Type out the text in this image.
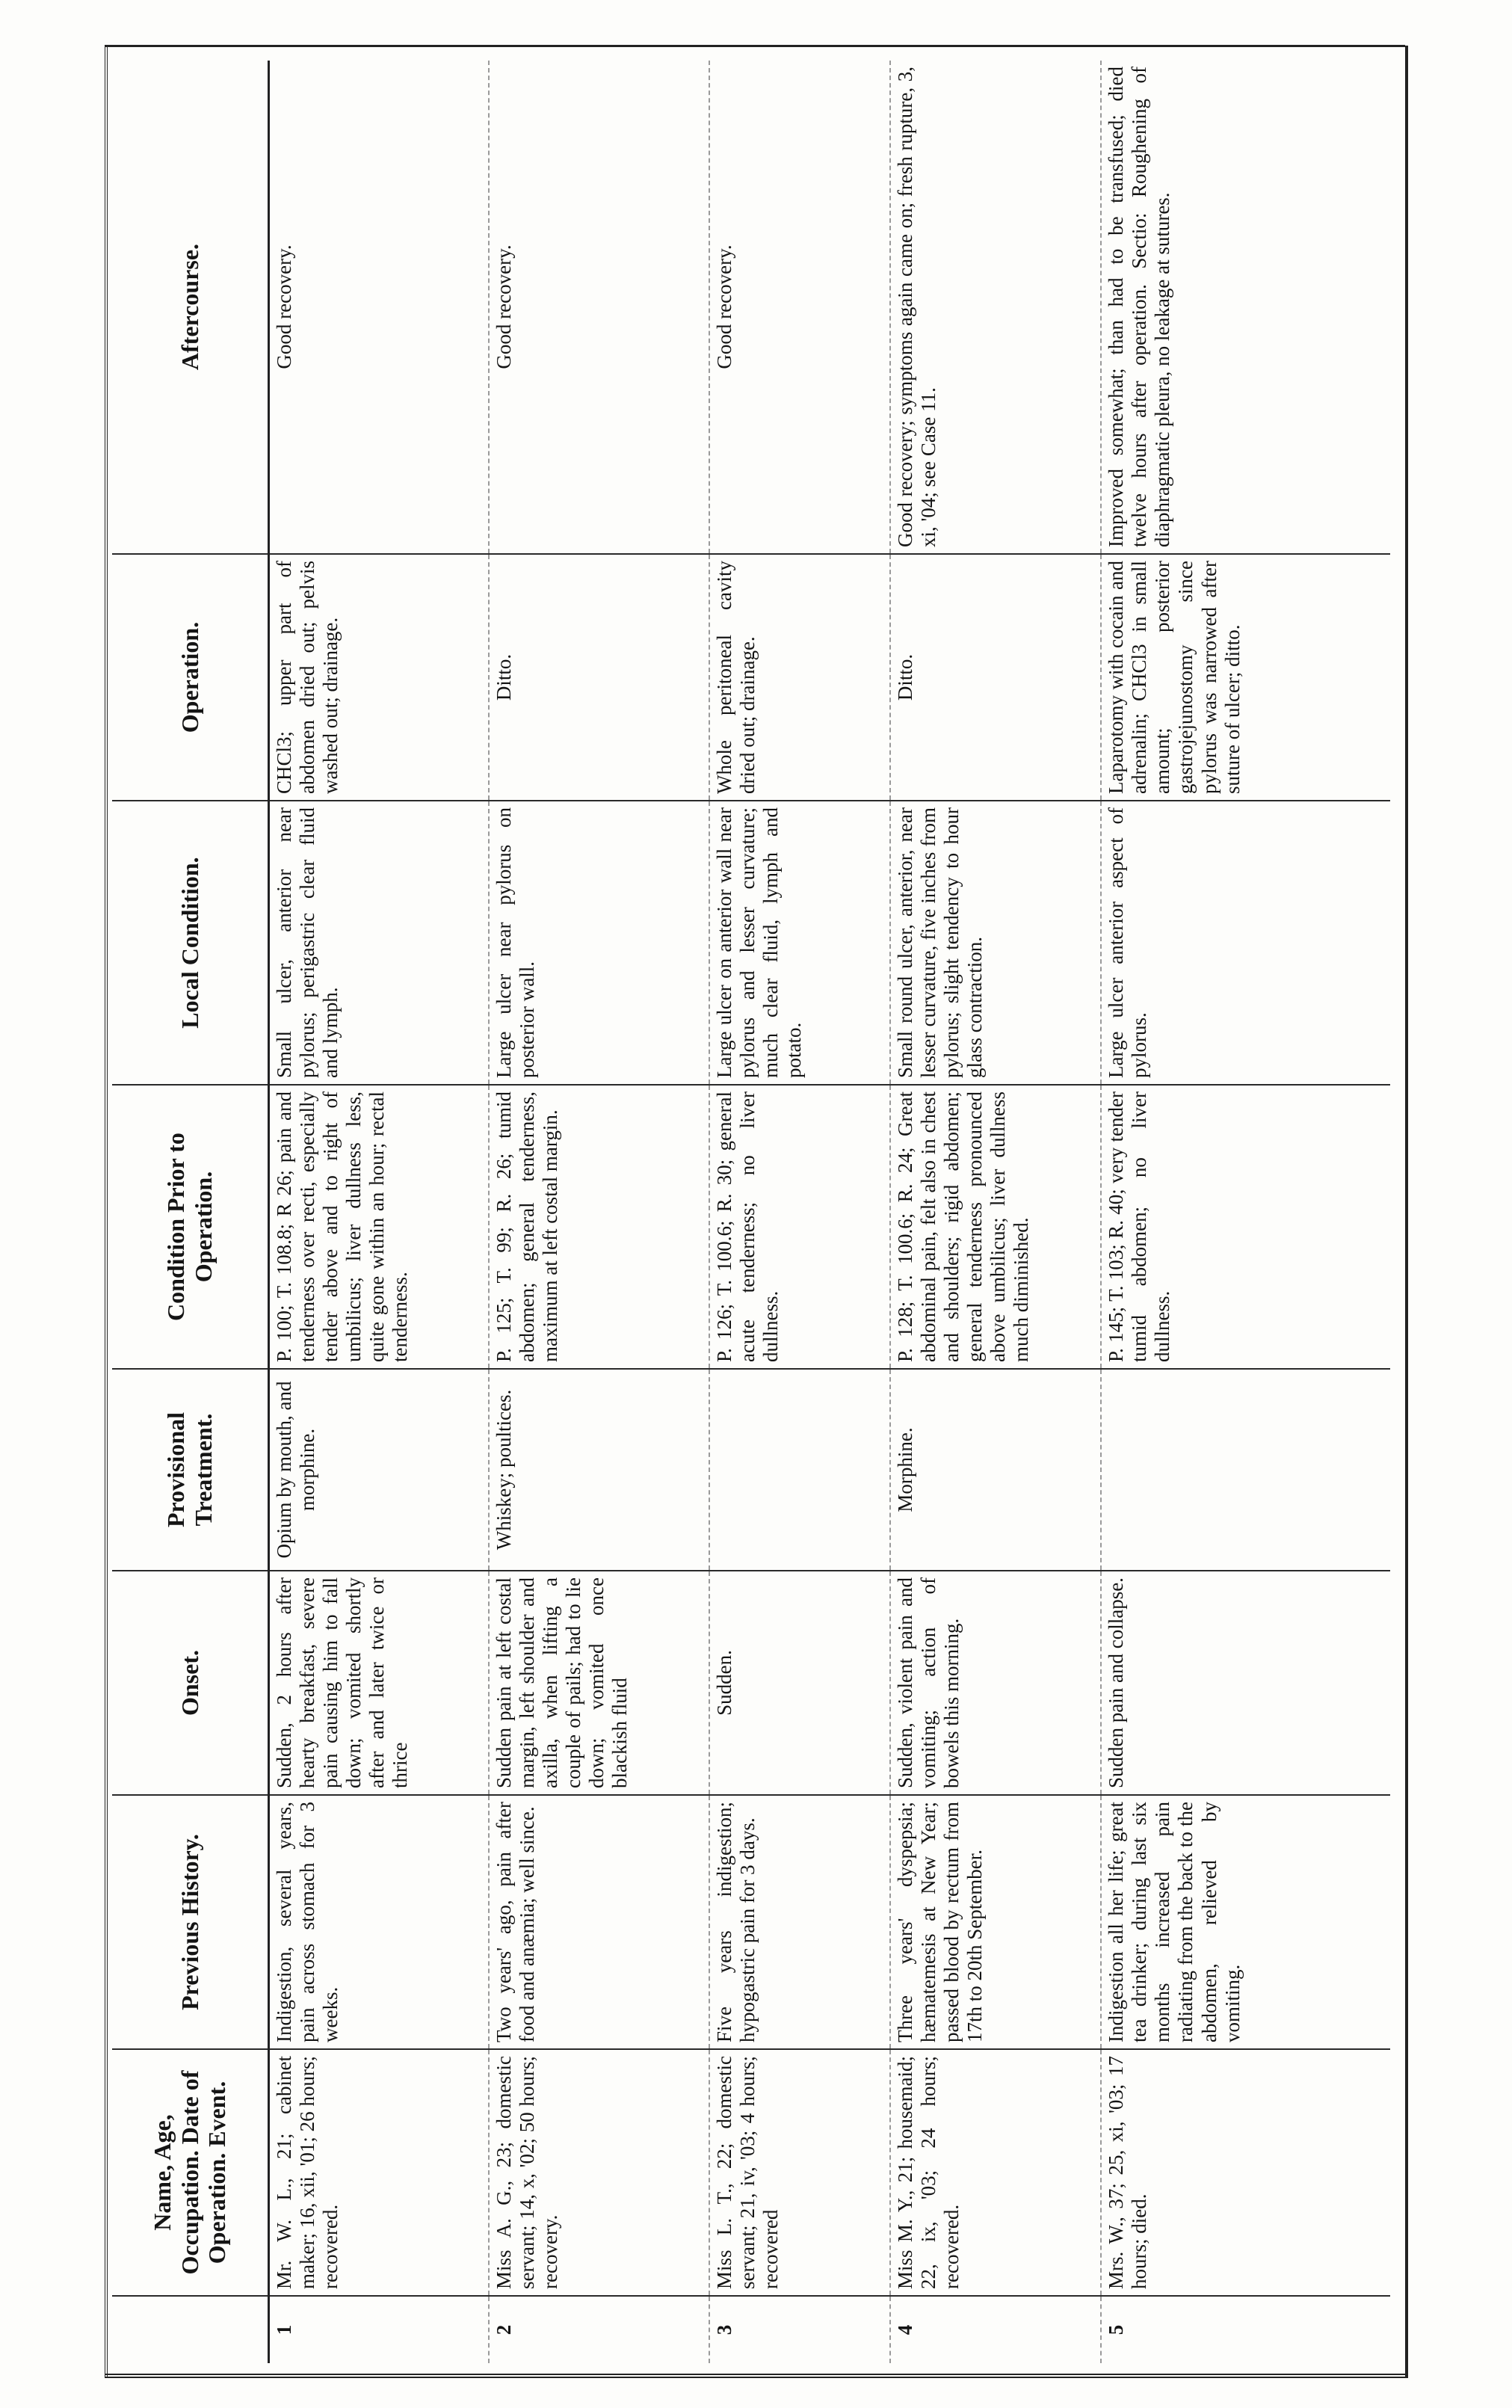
	Name, Age, Occupation. Date of Operation. Event.	Previous History.	Onset.	Provisional Treatment.	Condition Prior to Operation.	Local Condition.	Operation.	Aftercourse.
1	Mr. W. L., 21; cabinet maker; 16, xii, '01; 26 hours; recovered.	Indigestion, several years, pain across stomach for 3 weeks.	Sudden, 2 hours after hearty breakfast, severe pain causing him to fall down; vomited shortly after and later twice or thrice	Opium by mouth, and morphine.	P. 100; T. 108.8; R 26; pain and tenderness over recti, especially tender above and to right of umbilicus; liver dullness less, quite gone within an hour; rectal tenderness.	Small ulcer, anterior near pylorus; perigastric clear fluid and lymph.	CHCl3; upper part of abdomen dried out; pelvis washed out; drainage.	Good recovery.
2	Miss A. G., 23; domestic servant; 14, x, '02; 50 hours; recovery.	Two years' ago, pain after food and anæmia; well since.	Sudden pain at left costal margin, left shoulder and axilla, when lifting a couple of pails; had to lie down; vomited once blackish fluid	Whiskey; poultices.	P. 125; T. 99; R. 26; tumid abdomen; general tenderness, maximum at left costal margin.	Large ulcer near pylorus on posterior wall.	Ditto.	Good recovery.
3	Miss L. T., 22; domestic servant; 21, iv, '03; 4 hours; recovered	Five years indigestion; hypogastric pain for 3 days.	Sudden.		P. 126; T. 100.6; R. 30; general acute tenderness; no liver dullness.	Large ulcer on anterior wall near pylorus and lesser curvature; much clear fluid, lymph and potato.	Whole peritoneal cavity dried out; drainage.	Good recovery.
4	Miss M. Y., 21; housemaid; 22, ix, '03; 24 hours; recovered.	Three years' dyspepsia; hæmatemesis at New Year; passed blood by rectum from 17th to 20th September.	Sudden, violent pain and vomiting; action of bowels this morning.	Morphine.	P. 128; T. 100.6; R. 24; Great abdominal pain, felt also in chest and shoulders; rigid abdomen; general tenderness pronounced above umbilicus; liver dullness much diminished.	Small round ulcer, anterior, near lesser curvature, five inches from pylorus; slight tendency to hour glass contraction.	Ditto.	Good recovery; symptoms again came on; fresh rupture, 3, xi, '04; see Case 11.
5	Mrs. W., 37; 25, xi, '03; 17 hours; died.	Indigestion all her life; great tea drinker; during last six months increased pain radiating from the back to the abdomen, relieved by vomiting.	Sudden pain and collapse.		P. 145; T. 103; R. 40; very tender tumid abdomen; no liver dullness.	Large ulcer anterior aspect of pylorus.	Laparotomy with cocain and adrenalin; CHCl3 in small amount; posterior gastrojejunostomy since pylorus was narrowed after suture of ulcer; ditto.	Improved somewhat; than had to be transfused; died twelve hours after operation. Sectio: Roughening of diaphragmatic pleura, no leakage at sutures.
